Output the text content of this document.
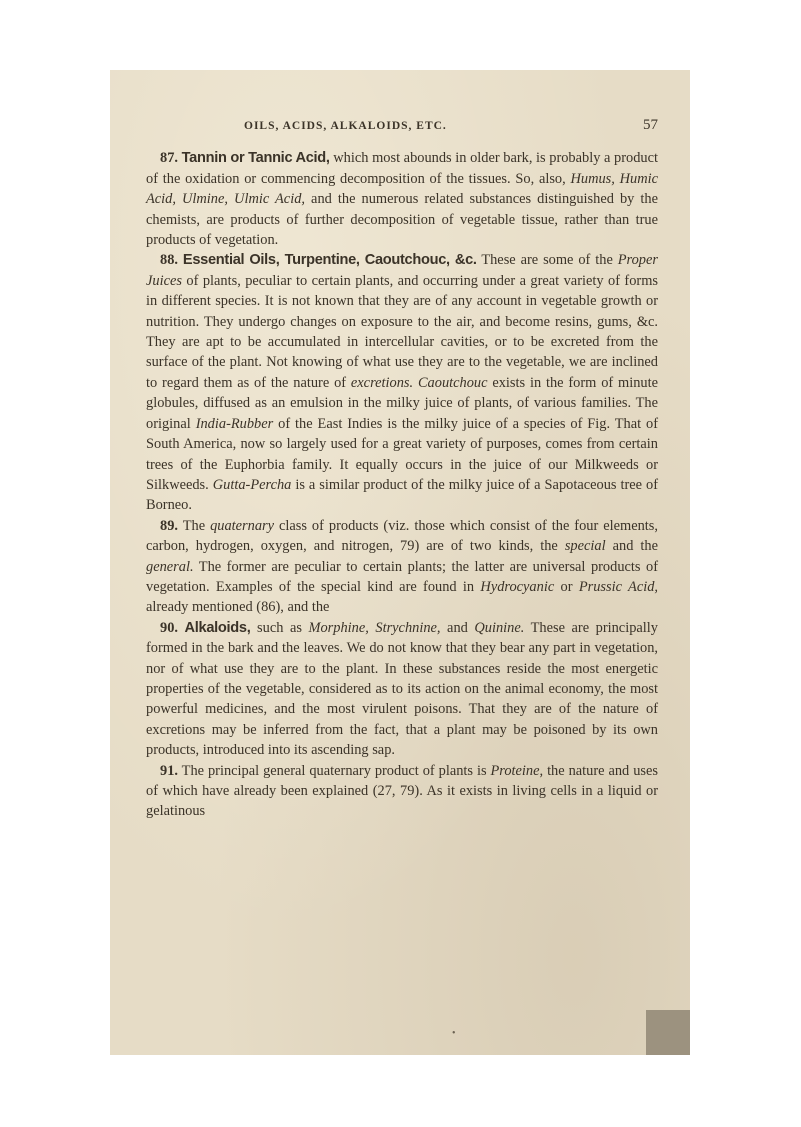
OILS, ACIDS, ALKALOIDS, ETC.	57

87. Tannin or Tannic Acid, which most abounds in older bark, is probably a product of the oxidation or commencing decomposition of the tissues. So, also, Humus, Humic Acid, Ulmine, Ulmic Acid, and the numerous related substances distinguished by the chemists, are products of further decomposition of vegetable tissue, rather than true products of vegetation.

88. Essential Oils, Turpentine, Caoutchouc, &c. These are some of the Proper Juices of plants, peculiar to certain plants, and occurring under a great variety of forms in different species. It is not known that they are of any account in vegetable growth or nutrition. They undergo changes on exposure to the air, and become resins, gums, &c. They are apt to be accumulated in intercellular cavities, or to be excreted from the surface of the plant. Not knowing of what use they are to the vegetable, we are inclined to regard them as of the nature of excretions. Caoutchouc exists in the form of minute globules, diffused as an emulsion in the milky juice of plants, of various families. The original India-Rubber of the East Indies is the milky juice of a species of Fig. That of South America, now so largely used for a great variety of purposes, comes from certain trees of the Euphorbia family. It equally occurs in the juice of our Milkweeds or Silkweeds. Gutta-Percha is a similar product of the milky juice of a Sapotaceous tree of Borneo.

89. The quaternary class of products (viz. those which consist of the four elements, carbon, hydrogen, oxygen, and nitrogen, 79) are of two kinds, the special and the general. The former are peculiar to certain plants; the latter are universal products of vegetation. Examples of the special kind are found in Hydrocyanic or Prussic Acid, already mentioned (86), and the

90. Alkaloids, such as Morphine, Strychnine, and Quinine. These are principally formed in the bark and the leaves. We do not know that they bear any part in vegetation, nor of what use they are to the plant. In these substances reside the most energetic properties of the vegetable, considered as to its action on the animal economy, the most powerful medicines, and the most virulent poisons. That they are of the nature of excretions may be inferred from the fact, that a plant may be poisoned by its own products, introduced into its ascending sap.

91. The principal general quaternary product of plants is Proteine, the nature and uses of which have already been explained (27, 79). As it exists in living cells in a liquid or gelatinous

•
